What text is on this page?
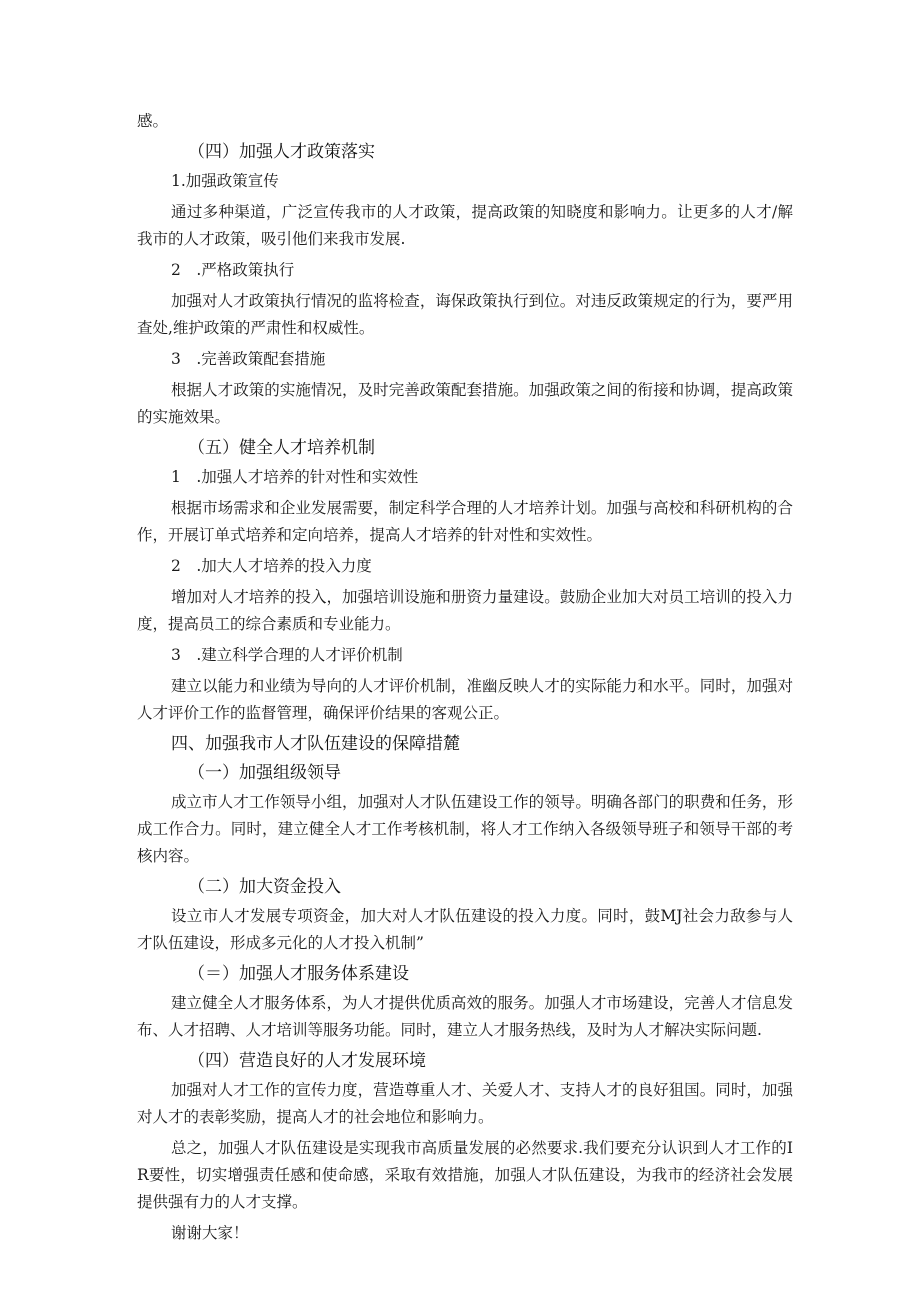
感。

（四）加强人才政策落实
1.加强政策宣传

通过多种渠道，广泛宣传我市的人才政策，提高政策的知晓度和影响力。让更多的人才/解我市的人才政策，吸引他们来我市发展.

2　.严格政策执行

加强对人才政策执行情况的监将检查，诲保政策执行到位。对违反政策规定的行为，要严用查处,维护政策的严肃性和权威性。

3　.完善政策配套措施

根据人才政策的实施情况，及时完善政策配套措施。加强政策之间的衔接和协调，提高政策的实施效果。

（五）健全人才培养机制
1　.加强人才培养的针对性和实效性

根据市场需求和企业发展需要，制定科学合理的人才培养计划。加强与高校和科研机构的合作，开展订单式培养和定向培养，提高人才培养的针对性和实效性。

2　.加大人才培养的投入力度

增加对人才培养的投入，加强培训设施和册资力量建设。鼓励企业加大对员工培训的投入力度，提高员工的综合素质和专业能力。

3　.建立科学合理的人才评价机制

建立以能力和业绩为导向的人才评价机制，准幽反映人才的实际能力和水平。同时，加强对人才评价工作的监督管理，确保评价结果的客观公正。

四、加强我市人才队伍建设的保障措麓
（一）加强组级领导

成立市人才工作领导小组，加强对人才队伍建设工作的领导。明确各部门的职费和任务，形成工作合力。同时，建立健全人才工作考核机制，将人才工作纳入各级领导班子和领导干部的考核内容。

（二）加大资金投入

设立市人才发展专项资金，加大对人才队伍建设的投入力度。同时，鼓MJ社会力敌参与人才队伍建设，形成多元化的人才投入机制”

（＝）加强人才服务体系建设

建立健全人才服务体系，为人才提供优质高效的服务。加强人才市场建设，完善人才信息发布、人才招聘、人才培训等服务功能。同时，建立人才服务热线，及时为人才解决实际问题.

（四）营造良好的人才发展环境

加强对人才工作的宣传力度，营造尊重人才、关爱人才、支持人才的良好狙国。同时，加强对人才的表彰奖励，提高人才的社会地位和影响力。

总之，加强人才队伍建设是实现我市高质量发展的必然要求.我们要充分认识到人才工作的IR要性，切实增强责任感和使命感，采取有效措施，加强人才队伍建设，为我市的经济社会发展提供强有力的人才支撑。

谢谢大家！
